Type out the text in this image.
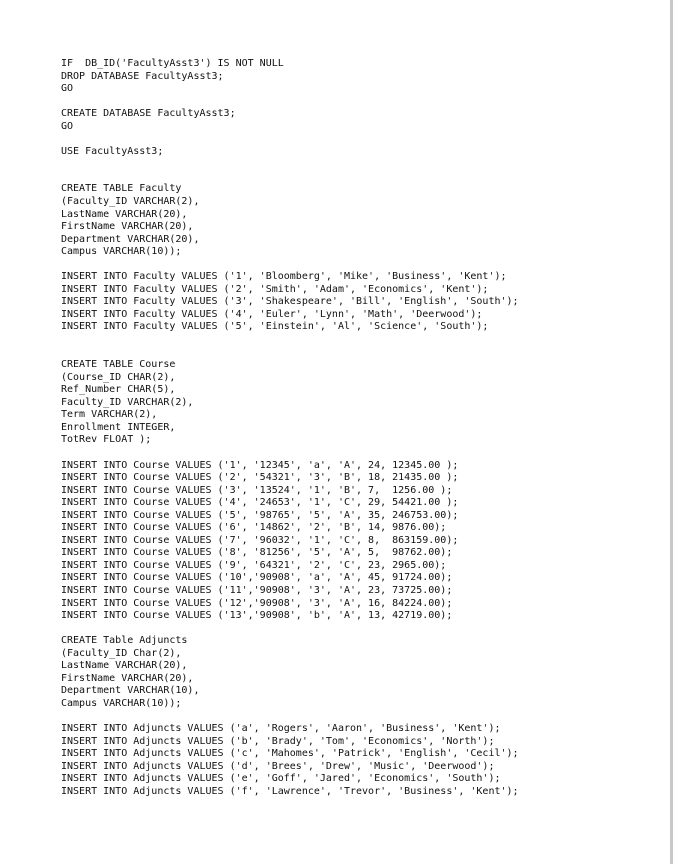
IF  DB_ID('FacultyAsst3') IS NOT NULL
DROP DATABASE FacultyAsst3;
GO
CREATE DATABASE FacultyAsst3;
GO
USE FacultyAsst3;
CREATE TABLE Faculty
(Faculty_ID VARCHAR(2),
LastName VARCHAR(20),
FirstName VARCHAR(20),
Department VARCHAR(20),
Campus VARCHAR(10));
INSERT INTO Faculty VALUES ('1', 'Bloomberg', 'Mike', 'Business', 'Kent');
INSERT INTO Faculty VALUES ('2', 'Smith', 'Adam', 'Economics', 'Kent');
INSERT INTO Faculty VALUES ('3', 'Shakespeare', 'Bill', 'English', 'South');
INSERT INTO Faculty VALUES ('4', 'Euler', 'Lynn', 'Math', 'Deerwood');
INSERT INTO Faculty VALUES ('5', 'Einstein', 'Al', 'Science', 'South');
CREATE TABLE Course
(Course_ID CHAR(2),
Ref_Number CHAR(5),
Faculty_ID VARCHAR(2),
Term VARCHAR(2),
Enrollment INTEGER,
TotRev FLOAT );
INSERT INTO Course VALUES ('1', '12345', 'a', 'A', 24, 12345.00 );
INSERT INTO Course VALUES ('2', '54321', '3', 'B', 18, 21435.00 );
INSERT INTO Course VALUES ('3', '13524', '1', 'B', 7,  1256.00 );
INSERT INTO Course VALUES ('4', '24653', '1', 'C', 29, 54421.00 );
INSERT INTO Course VALUES ('5', '98765', '5', 'A', 35, 246753.00);
INSERT INTO Course VALUES ('6', '14862', '2', 'B', 14, 9876.00);
INSERT INTO Course VALUES ('7', '96032', '1', 'C', 8,  863159.00);
INSERT INTO Course VALUES ('8', '81256', '5', 'A', 5,  98762.00);
INSERT INTO Course VALUES ('9', '64321', '2', 'C', 23, 2965.00);
INSERT INTO Course VALUES ('10','90908', 'a', 'A', 45, 91724.00);
INSERT INTO Course VALUES ('11','90908', '3', 'A', 23, 73725.00);
INSERT INTO Course VALUES ('12','90908', '3', 'A', 16, 84224.00);
INSERT INTO Course VALUES ('13','90908', 'b', 'A', 13, 42719.00);
CREATE Table Adjuncts
(Faculty_ID Char(2),
LastName VARCHAR(20),
FirstName VARCHAR(20),
Department VARCHAR(10),
Campus VARCHAR(10));
INSERT INTO Adjuncts VALUES ('a', 'Rogers', 'Aaron', 'Business', 'Kent');
INSERT INTO Adjuncts VALUES ('b', 'Brady', 'Tom', 'Economics', 'North');
INSERT INTO Adjuncts VALUES ('c', 'Mahomes', 'Patrick', 'English', 'Cecil');
INSERT INTO Adjuncts VALUES ('d', 'Brees', 'Drew', 'Music', 'Deerwood');
INSERT INTO Adjuncts VALUES ('e', 'Goff', 'Jared', 'Economics', 'South');
INSERT INTO Adjuncts VALUES ('f', 'Lawrence', 'Trevor', 'Business', 'Kent');
